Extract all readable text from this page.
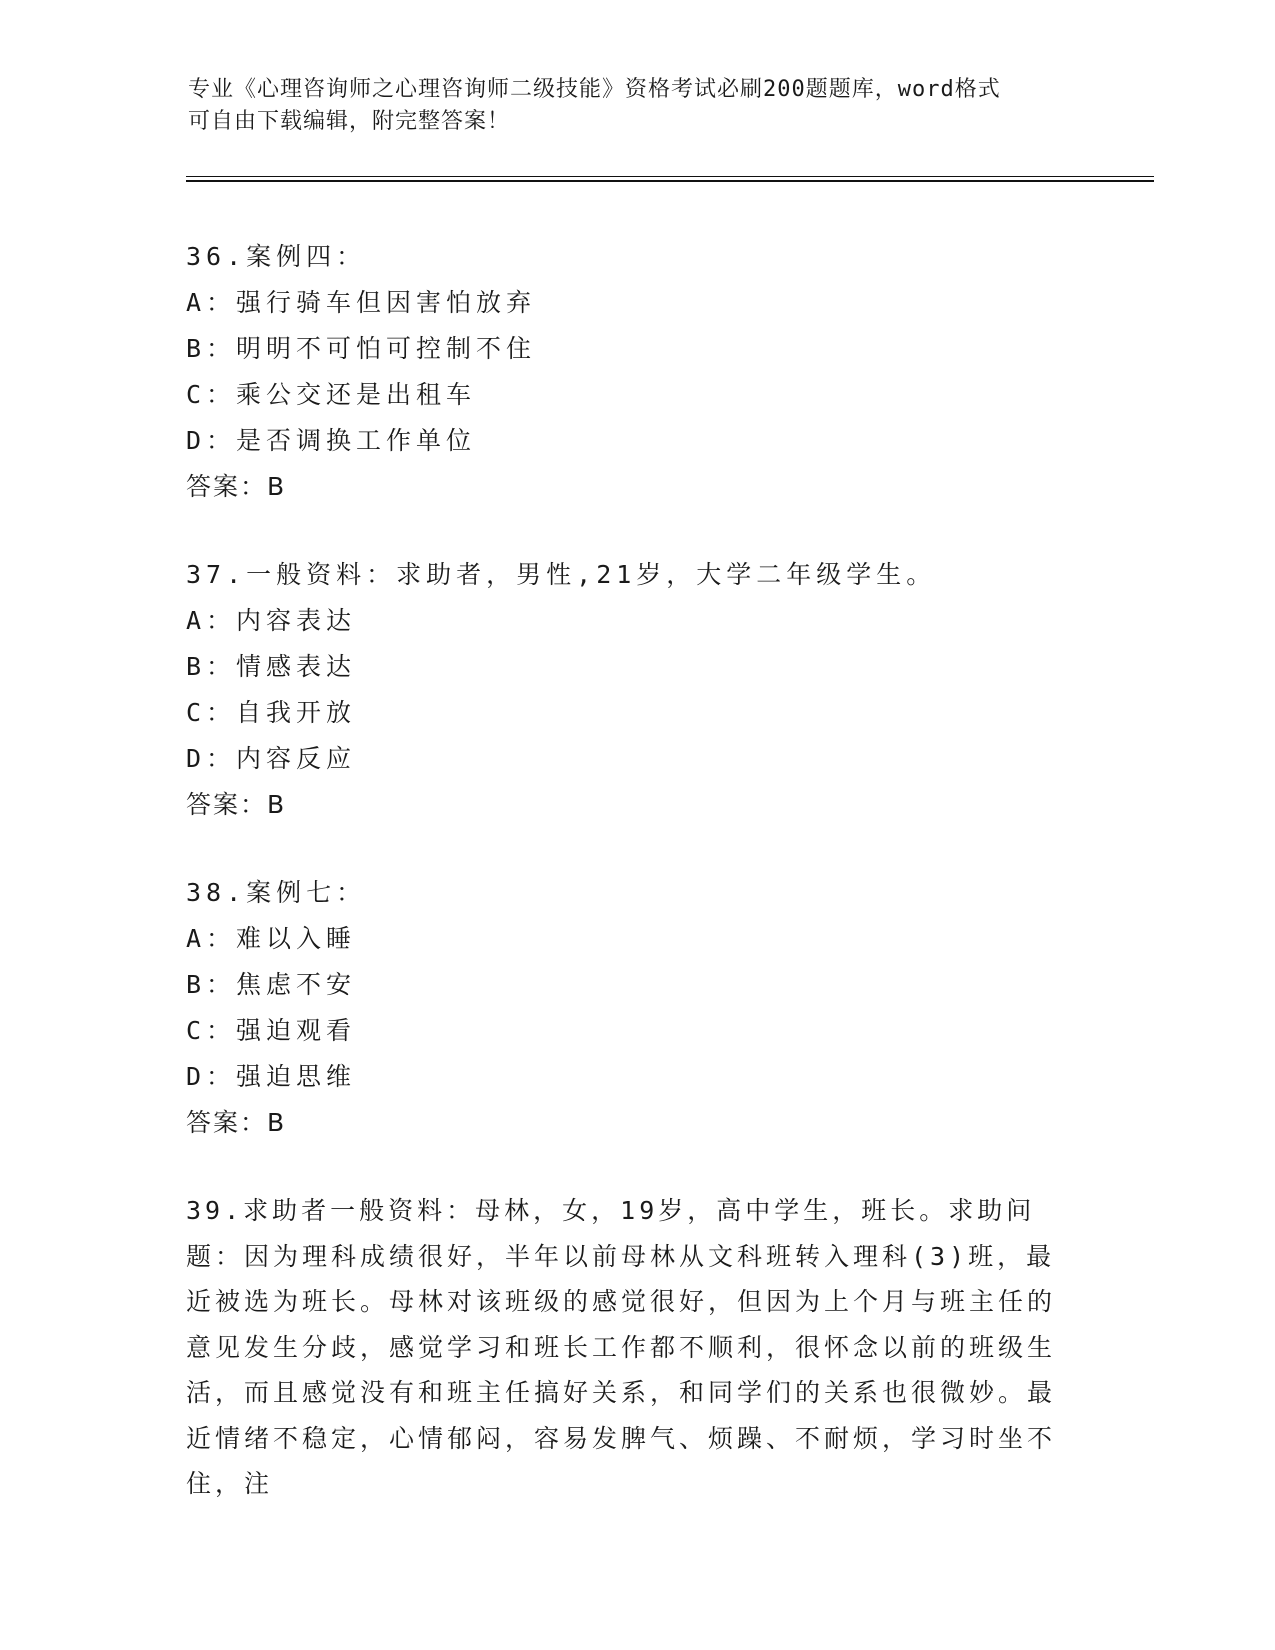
专业《心理咨询师之心理咨询师二级技能》资格考试必刷200题题库，word格式
可自由下载编辑，附完整答案！
36.案例四：
A：强行骑车但因害怕放弃
B：明明不可怕可控制不住
C：乘公交还是出租车
D：是否调换工作单位
答案：B
37.一般资料：求助者，男性,21岁，大学二年级学生。
A：内容表达
B：情感表达
C：自我开放
D：内容反应
答案：B
38.案例七：
A：难以入睡
B：焦虑不安
C：强迫观看
D：强迫思维
答案：B
39.求助者一般资料：母林，女，19岁，高中学生，班长。求助问题：因为理科成绩很好，半年以前母林从文科班转入理科(3)班，最近被选为班长。母林对该班级的感觉很好，但因为上个月与班主任的意见发生分歧，感觉学习和班长工作都不顺利，很怀念以前的班级生活，而且感觉没有和班主任搞好关系，和同学们的关系也很微妙。最近情绪不稳定，心情郁闷，容易发脾气、烦躁、不耐烦，学习时坐不住，注
